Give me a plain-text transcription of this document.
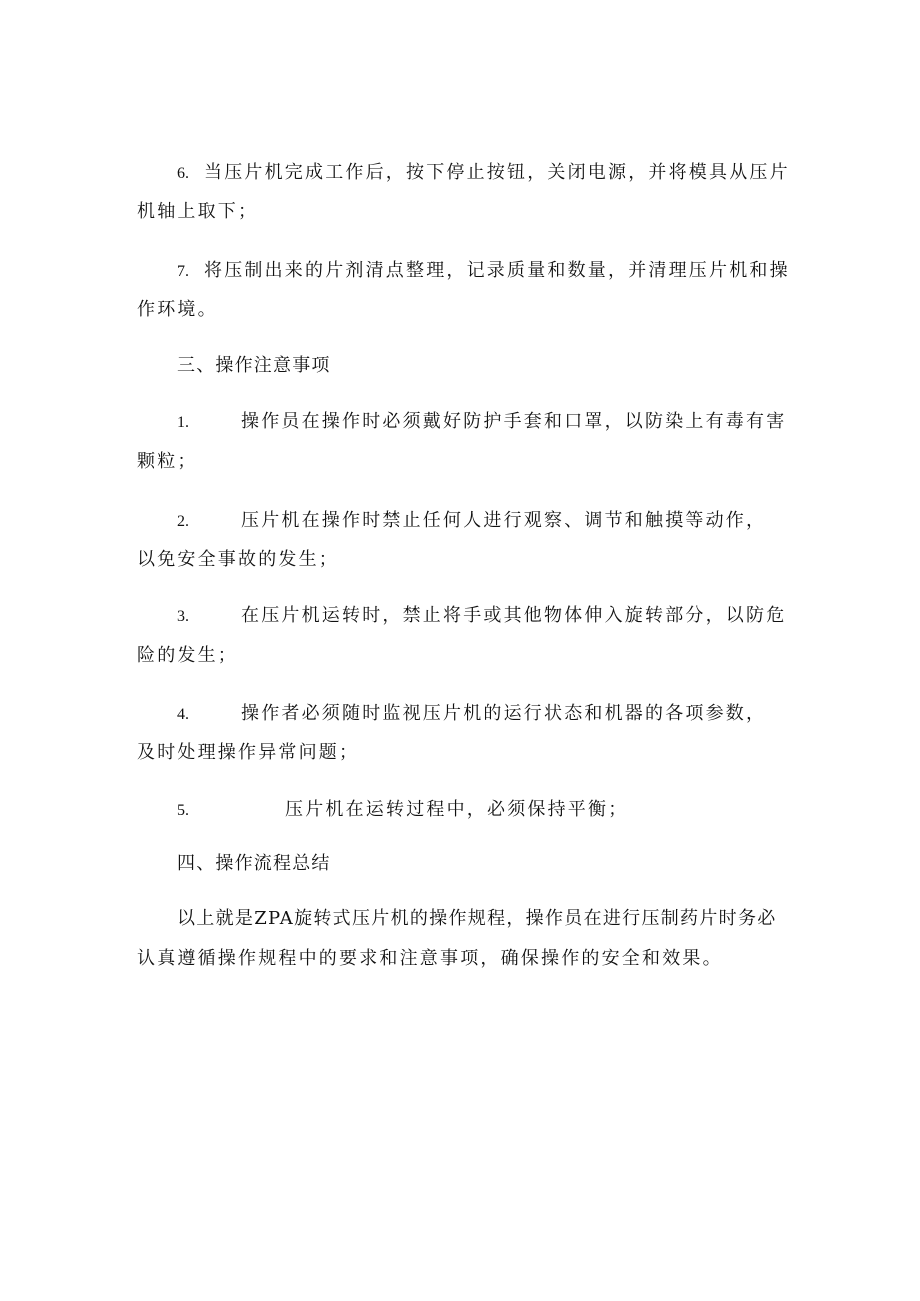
6. 当压片机完成工作后，按下停止按钮，关闭电源，并将模具从压片
机轴上取下；
7. 将压制出来的片剂清点整理，记录质量和数量，并清理压片机和操
作环境。
三、操作注意事项
1.	操作员在操作时必须戴好防护手套和口罩，以防染上有毒有害
颗粒；
2.	压片机在操作时禁止任何人进行观察、调节和触摸等动作，
以免安全事故的发生；
3.	在压片机运转时，禁止将手或其他物体伸入旋转部分，以防危
险的发生；
4.	操作者必须随时监视压片机的运行状态和机器的各项参数，
及时处理操作异常问题；
5.	压片机在运转过程中，必须保持平衡；
四、操作流程总结
以上就是ZPA旋转式压片机的操作规程，操作员在进行压制药片时务必
认真遵循操作规程中的要求和注意事项，确保操作的安全和效果。
